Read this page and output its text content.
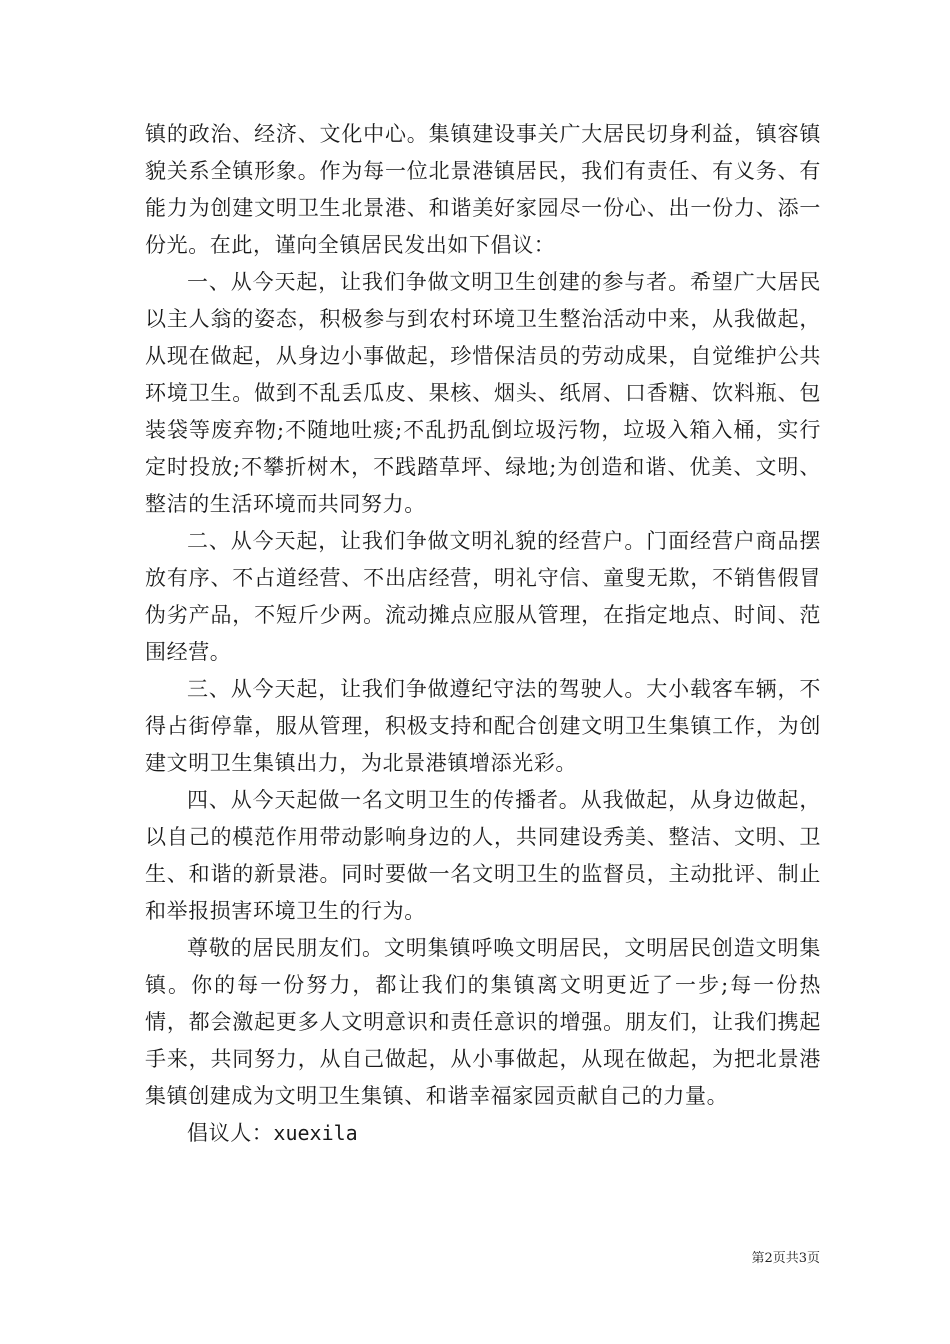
镇的政治、经济、文化中心。集镇建设事关广大居民切身利益，镇容镇貌关系全镇形象。作为每一位北景港镇居民，我们有责任、有义务、有能力为创建文明卫生北景港、和谐美好家园尽一份心、出一份力、添一份光。在此，谨向全镇居民发出如下倡议：

一、从今天起，让我们争做文明卫生创建的参与者。希望广大居民以主人翁的姿态，积极参与到农村环境卫生整治活动中来，从我做起，从现在做起，从身边小事做起，珍惜保洁员的劳动成果，自觉维护公共环境卫生。做到不乱丢瓜皮、果核、烟头、纸屑、口香糖、饮料瓶、包装袋等废弃物;不随地吐痰;不乱扔乱倒垃圾污物，垃圾入箱入桶，实行定时投放;不攀折树木，不践踏草坪、绿地;为创造和谐、优美、文明、整洁的生活环境而共同努力。

二、从今天起，让我们争做文明礼貌的经营户。门面经营户商品摆放有序、不占道经营、不出店经营，明礼守信、童叟无欺，不销售假冒伪劣产品，不短斤少两。流动摊点应服从管理，在指定地点、时间、范围经营。

三、从今天起，让我们争做遵纪守法的驾驶人。大小载客车辆，不得占街停靠，服从管理，积极支持和配合创建文明卫生集镇工作，为创建文明卫生集镇出力，为北景港镇增添光彩。

四、从今天起做一名文明卫生的传播者。从我做起，从身边做起，以自己的模范作用带动影响身边的人，共同建设秀美、整洁、文明、卫生、和谐的新景港。同时要做一名文明卫生的监督员，主动批评、制止和举报损害环境卫生的行为。

尊敬的居民朋友们。文明集镇呼唤文明居民，文明居民创造文明集镇。你的每一份努力，都让我们的集镇离文明更近了一步;每一份热情，都会激起更多人文明意识和责任意识的增强。朋友们，让我们携起手来，共同努力，从自己做起，从小事做起，从现在做起，为把北景港集镇创建成为文明卫生集镇、和谐幸福家园贡献自己的力量。

倡议人：xuexila

第2页共3页
